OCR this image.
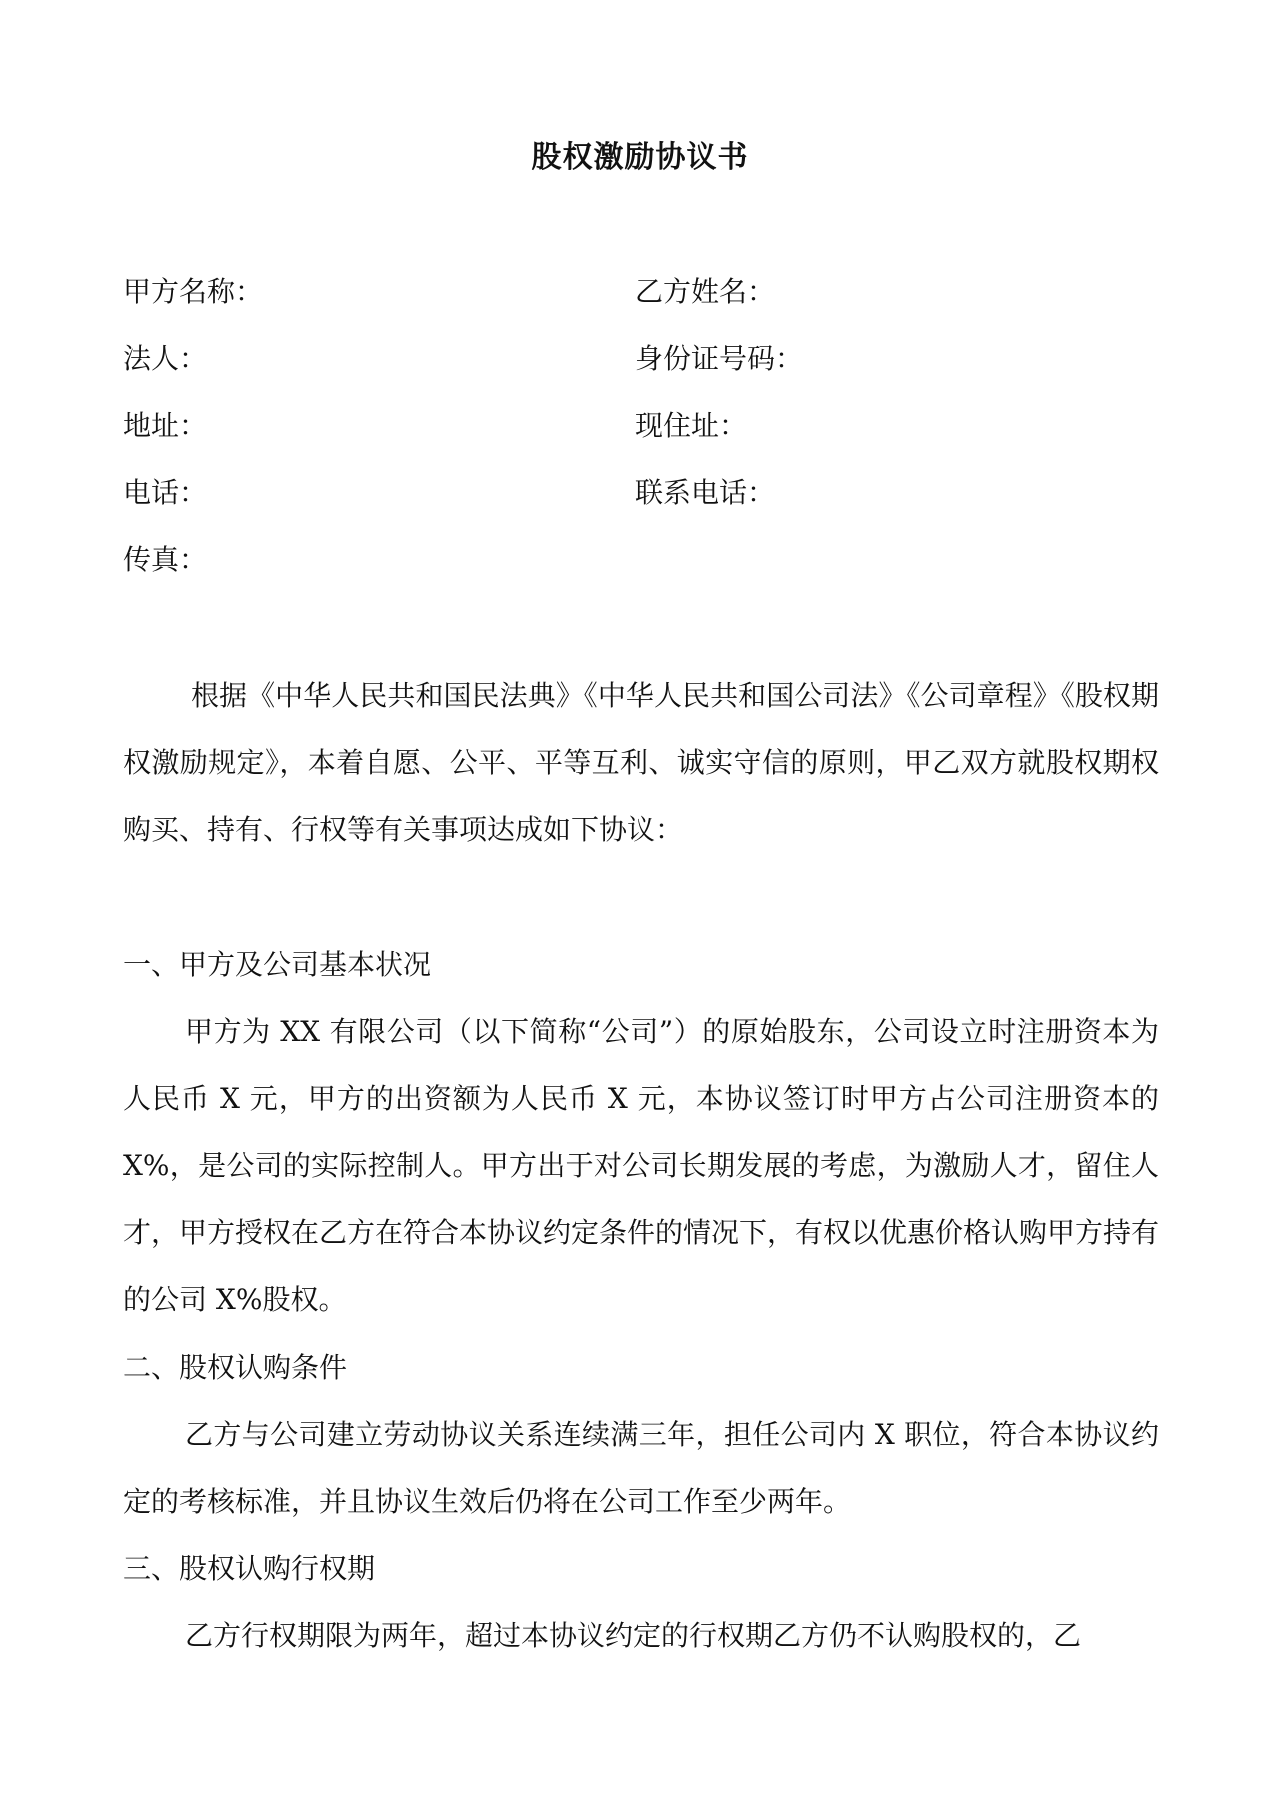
股权激励协议书
甲方名称：	乙方姓名：
法人：	身份证号码：
地址：	现住址：
电话：	联系电话：
传真：

根据《中华人民共和国民法典》《中华人民共和国公司法》《公司章程》《股权期权激励规定》，本着自愿、公平、平等互利、诚实守信的原则，甲乙双方就股权期权购买、持有、行权等有关事项达成如下协议：

一、甲方及公司基本状况

甲方为 XX 有限公司（以下简称“公司”）的原始股东，公司设立时注册资本为人民币 X 元，甲方的出资额为人民币 X 元，本协议签订时甲方占公司注册资本的 X%，是公司的实际控制人。甲方出于对公司长期发展的考虑，为激励人才，留住人才，甲方授权在乙方在符合本协议约定条件的情况下，有权以优惠价格认购甲方持有的公司 X%股权。

二、股权认购条件

乙方与公司建立劳动协议关系连续满三年，担任公司内 X 职位，符合本协议约定的考核标准，并且协议生效后仍将在公司工作至少两年。

三、股权认购行权期

乙方行权期限为两年，超过本协议约定的行权期乙方仍不认购股权的，乙
